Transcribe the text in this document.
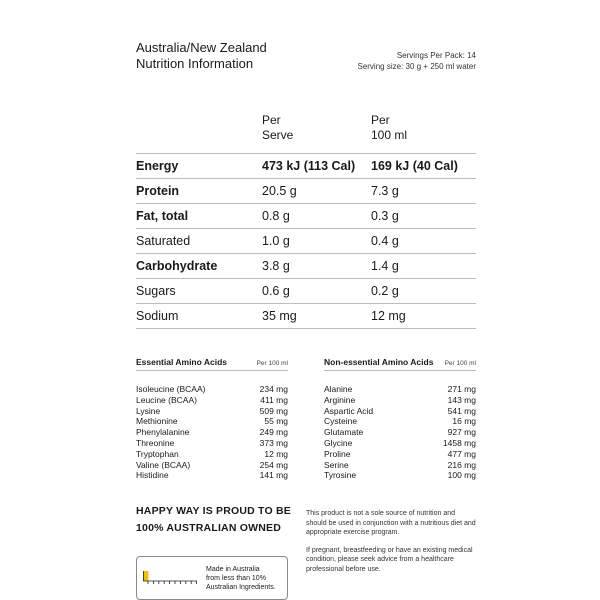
Australia/New Zealand
Nutrition Information
Servings Per Pack: 14
Serving size: 30 g + 250 ml water
Per
Serve
Per
100 ml
Energy	473 kJ (113 Cal) 169 kJ (40 Cal)
Protein	20.5 g	7.3 g
Fat, total	0.8 g	0.3 g
Saturated	1.0 g	0.4 g
Carbohydrate	3.8 g	1.4 g
Sugars	0.6 g	0.2 g
Sodium	35 mg	12 mg
Essential Amino Acids	Per 100 ml
Isoleucine (BCAA)	234 mg
Leucine (BCAA)	411 mg
Lysine	509 mg
Methionine	55 mg
Phenylalanine	249 mg
Threonine	373 mg
Tryptophan	12 mg
Valine (BCAA)	254 mg
Histidine	141 mg
Non-essential Amino Acids Per 100 ml
Alanine	271 mg
Arginine	143 mg
Aspartic Acid	541 mg
Cysteine	16 mg
Glutamate	927 mg
Glycine	1458 mg
Proline	477 mg
Serine	216 mg
Tyrosine	100 mg
HAPPY WAY IS PROUD TO BE
100% AUSTRALIAN OWNED
Made in Australia
from less than 10%
Australian Ingredients.

This product is not a sole source of nutrition and should be used in conjunction with a nutritious diet and appropriate exercise program.

If pregnant, breastfeeding or have an existing medical condition, please seek advice from a healthcare professional before use.
